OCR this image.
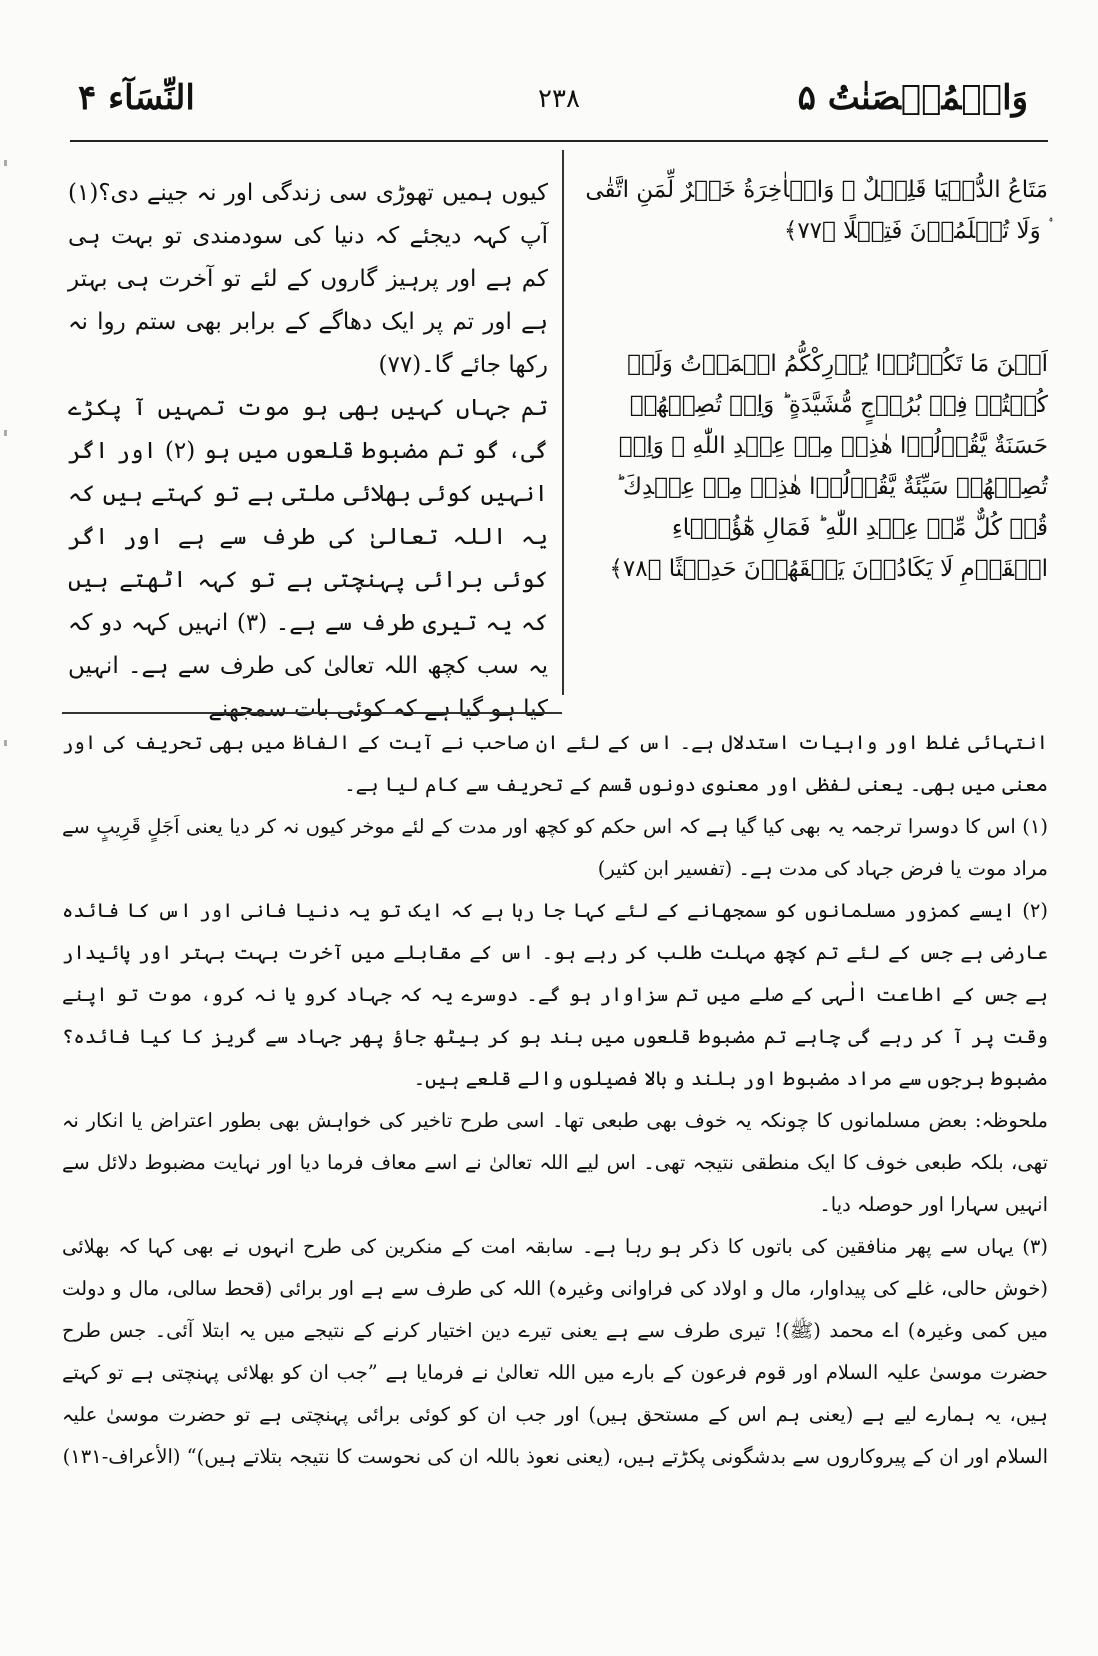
وَالۡمُحۡصَنٰتُ ۵
۲۳۸
النِّسَآء ۴

مَتَاعُ الدُّنۡيَا قَلِيۡلٌ ۚ وَالۡاٰخِرَةُ خَيۡرٌ لِّمَنِ اتَّقٰى ۟ وَلَا تُظۡلَمُوۡنَ فَتِيۡلًا ﴿۷۷﴾

اَيۡنَ مَا تَكُوۡنُوۡا يُدۡرِكْكُّمُ الۡمَوۡتُ وَلَوۡ كُنۡتُمۡ فِىۡ بُرُوۡجٍ مُّشَيَّدَةٍ ؕ وَاِنۡ تُصِبۡهُمۡ حَسَنَةٌ يَّقُوۡلُوۡا هٰذِهٖ مِنۡ عِنۡدِ اللّٰهِ ۚ وَاِنۡ تُصِبۡهُمۡ سَيِّئَةٌ يَّقُوۡلُوۡا هٰذِهٖ مِنۡ عِنۡدِكَ ؕ قُلۡ كُلٌّ مِّنۡ عِنۡدِ اللّٰهِ ؕ فَمَالِ هٰٓؤُلَۤاءِ الۡقَوۡمِ لَا يَكَادُوۡنَ يَفۡقَهُوۡنَ حَدِيۡثًا ﴿۷۸﴾

کیوں ہمیں تھوڑی سی زندگی اور نہ جینے دی؟(۱) آپ کہہ دیجئے کہ دنیا کی سودمندی تو بہت ہی کم ہے اور پرہیز گاروں کے لئے تو آخرت ہی بہتر ہے اور تم پر ایک دھاگے کے برابر بھی ستم روا نہ رکھا جائے گا۔(۷۷)

تم جہاں کہیں بھی ہو موت تمہیں آ پکڑے گی، گو تم مضبوط قلعوں میں ہو (۲) اور اگر انہیں کوئی بھلائی ملتی ہے تو کہتے ہیں کہ یہ اللہ تعالیٰ کی طرف سے ہے اور اگر کوئی برائی پہنچتی ہے تو کہہ اٹھتے ہیں کہ یہ تیری طرف سے ہے۔ (۳) انہیں کہہ دو کہ یہ سب کچھ اللہ تعالیٰ کی طرف سے ہے۔ انہیں کیا ہو گیا ہے کہ کوئی بات سمجھنے

انتہائی غلط اور واہیات استدلال ہے۔ اس کے لئے ان صاحب نے آیت کے الفاظ میں بھی تحریف کی اور معنی میں بھی۔ یعنی لفظی اور معنوی دونوں قسم کے تحریف سے کام لیا ہے۔

(۱) اس کا دوسرا ترجمہ یہ بھی کیا گیا ہے کہ اس حکم کو کچھ اور مدت کے لئے موخر کیوں نہ کر دیا یعنی اَجَلٍ قَرِیبٍ سے مراد موت یا فرض جہاد کی مدت ہے۔ (تفسیر ابن کثیر)

(۲) ایسے کمزور مسلمانوں کو سمجھانے کے لئے کہا جا رہا ہے کہ ایک تو یہ دنیا فانی اور اس کا فائدہ عارضی ہے جس کے لئے تم کچھ مہلت طلب کر رہے ہو۔ اس کے مقابلے میں آخرت بہت بہتر اور پائیدار ہے جس کے اطاعت الٰہی کے صلے میں تم سزاوار ہو گے۔ دوسرے یہ کہ جہاد کرو یا نہ کرو، موت تو اپنے وقت پر آ کر رہے گی چاہے تم مضبوط قلعوں میں بند ہو کر بیٹھ جاؤ پھر جہاد سے گریز کا کیا فائدہ؟ مضبوط برجوں سے مراد مضبوط اور بلند و بالا فصیلوں والے قلعے ہیں۔

ملحوظہ: بعض مسلمانوں کا چونکہ یہ خوف بھی طبعی تھا۔ اسی طرح تاخیر کی خواہش بھی بطور اعتراض یا انکار نہ تھی، بلکہ طبعی خوف کا ایک منطقی نتیجہ تھی۔ اس لیے اللہ تعالیٰ نے اسے معاف فرما دیا اور نہایت مضبوط دلائل سے انہیں سہارا اور حوصلہ دیا۔

(۳) یہاں سے پھر منافقین کی باتوں کا ذکر ہو رہا ہے۔ سابقہ امت کے منکرین کی طرح انہوں نے بھی کہا کہ بھلائی (خوش حالی، غلے کی پیداوار، مال و اولاد کی فراوانی وغیرہ) اللہ کی طرف سے ہے اور برائی (قحط سالی، مال و دولت میں کمی وغیرہ) اے محمد (ﷺ)! تیری طرف سے ہے یعنی تیرے دین اختیار کرنے کے نتیجے میں یہ ابتلا آئی۔ جس طرح حضرت موسیٰ علیہ السلام اور قوم فرعون کے بارے میں اللہ تعالیٰ نے فرمایا ہے ”جب ان کو بھلائی پہنچتی ہے تو کہتے ہیں، یہ ہمارے لیے ہے (یعنی ہم اس کے مستحق ہیں) اور جب ان کو کوئی برائی پہنچتی ہے تو حضرت موسیٰ علیہ السلام اور ان کے پیروکاروں سے بدشگونی پکڑتے ہیں، (یعنی نعوذ باللہ ان کی نحوست کا نتیجہ بتلاتے ہیں)“ (الأعراف-۱۳۱)
